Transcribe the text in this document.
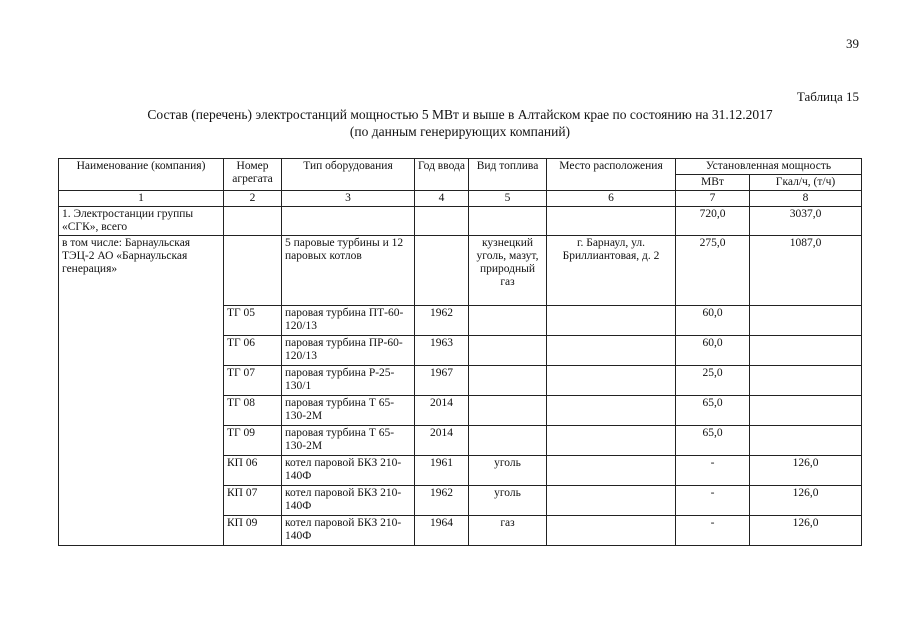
39
Таблица 15
Состав (перечень) электростанций мощностью 5 МВт и выше в Алтайском крае по состоянию на 31.12.2017
(по данным генерирующих компаний)
Наименование (компания)	Номер агрегата	Тип оборудования	Год ввода	Вид топлива	Место расположения	Установленная мощность	
						МВт	Гкал/ч, (т/ч)
1	2	3	4	5	6	7	8
1. Электростанции группы «СГК», всего						720,0	3037,0
в том числе: Барнаульская ТЭЦ-2 АО «Барнаульская генерация»		5 паровые турбины и 12 паровых котлов		кузнецкий уголь, мазут, природный газ	г. Барнаул, ул. Бриллиантовая, д. 2	275,0	1087,0
	ТГ 05	паровая турбина ПТ-60-120/13	1962			60,0	
	ТГ 06	паровая турбина ПР-60-120/13	1963			60,0	
	ТГ 07	паровая турбина Р-25-130/1	1967			25,0	
	ТГ 08	паровая турбина Т 65-130-2М	2014			65,0	
	ТГ 09	паровая турбина Т 65-130-2М	2014			65,0	
	КП 06	котел паровой БКЗ 210-140Ф	1961	уголь		-	126,0
	КП 07	котел паровой БКЗ 210-140Ф	1962	уголь		-	126,0
	КП 09	котел паровой БКЗ 210-140Ф	1964	газ		-	126,0
